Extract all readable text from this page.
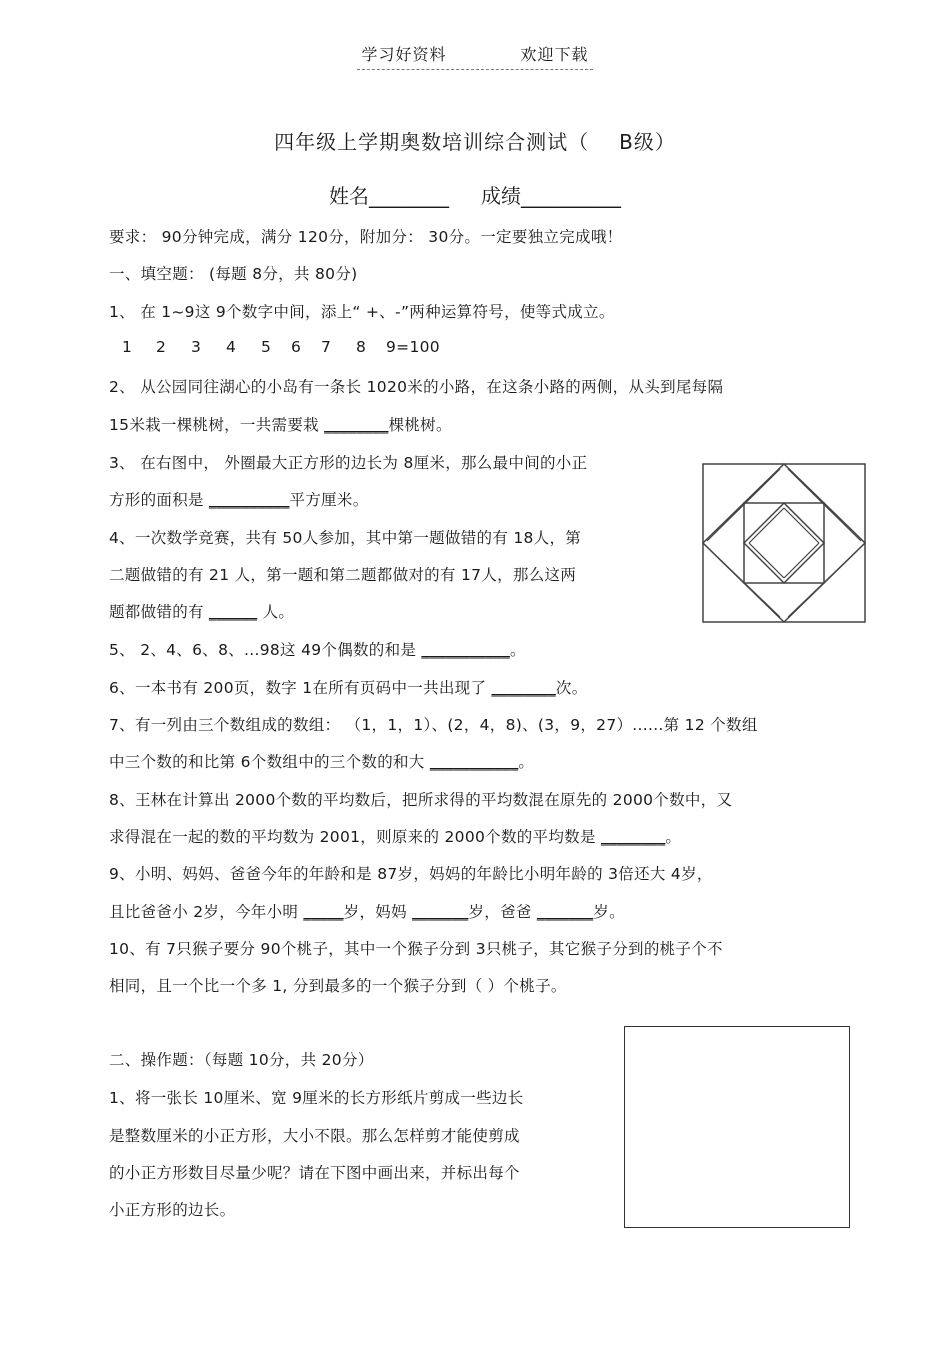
学习好资料	欢迎下载
四年级上学期奥数培训综合测试（ B级）
姓名________ 成绩__________
要求： 90分钟完成，满分 120分，附加分： 30分。一定要独立完成哦！
一、填空题： (每题 8分，共 80分)
1、 在 1~9这 9个数字中间，添上“ +、-”两种运算符号，使等式成立。
1 2 3 4 5 6 7 8 9=100
2、 从公园同往湖心的小岛有一条长 1020米的小路，在这条小路的两侧，从头到尾每隔
15米栽一棵桃树，一共需要栽 ________棵桃树。
3、 在右图中， 外圈最大正方形的边长为 8厘米，那么最中间的小正
方形的面积是 __________平方厘米。
4、一次数学竞赛，共有 50人参加，其中第一题做错的有 18人，第
二题做错的有 21 人，第一题和第二题都做对的有 17人，那么这两
题都做错的有 ______ 人。
5、 2、4、6、8、...98这 49个偶数的和是 ___________。
6、一本书有 200页，数字 1在所有页码中一共出现了 ________次。
7、有一列由三个数组成的数组： （1，1，1）、(2，4，8)、(3，9，27）......第 12 个数组
中三个数的和比第 6个数组中的三个数的和大 ___________。
8、王林在计算出 2000个数的平均数后，把所求得的平均数混在原先的 2000个数中，又
求得混在一起的数的平均数为 2001，则原来的 2000个数的平均数是 ________。
9、小明、妈妈、爸爸今年的年龄和是 87岁，妈妈的年龄比小明年龄的 3倍还大 4岁，
且比爸爸小 2岁，今年小明 _____岁，妈妈 _______岁，爸爸 _______岁。
10、有 7只猴子要分 90个桃子，其中一个猴子分到 3只桃子，其它猴子分到的桃子个不
相同，且一个比一个多 1, 分到最多的一个猴子分到（ ）个桃子。
二、操作题：（每题 10分，共 20分）
1、将一张长 10厘米、宽 9厘米的长方形纸片剪成一些边长
是整数厘米的小正方形，大小不限。那么怎样剪才能使剪成
的小正方形数目尽量少呢？请在下图中画出来，并标出每个
小正方形的边长。
